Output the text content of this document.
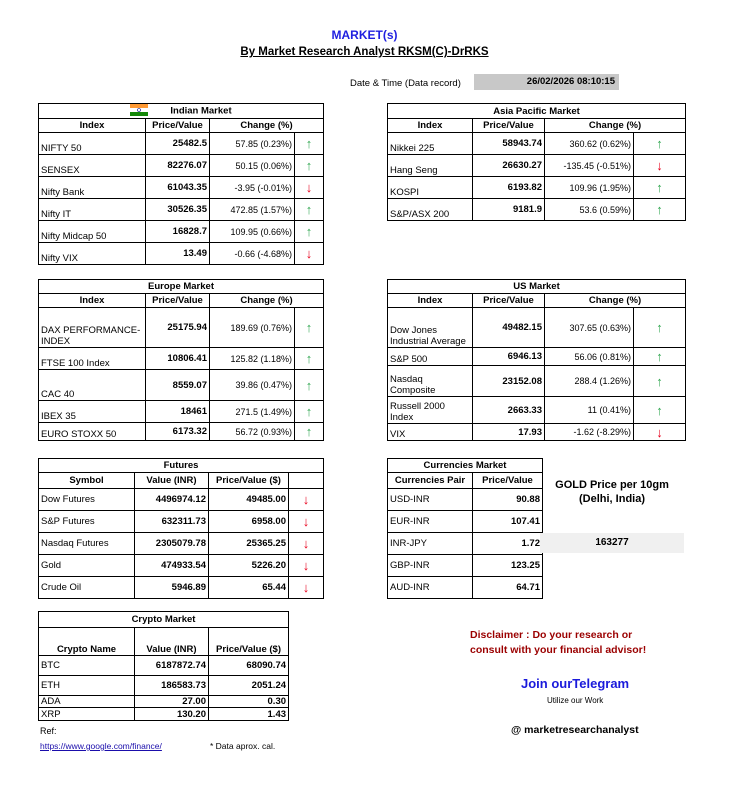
MARKET(s)
By Market Research Analyst RKSM(C)-DrRKS
Date & Time (Data record)	26/02/2026 08:10:15
Indian Market			
Index	Price/Value	Change (%)	
NIFTY 50	25482.5	57.85 (0.23%)	↑
SENSEX	82276.07	50.15 (0.06%)	↑
Nifty Bank	61043.35	-3.95 (-0.01%)	↓
Nifty IT	30526.35	472.85 (1.57%)	↑
Nifty Midcap 50	16828.7	109.95 (0.66%)	↑
Nifty VIX	13.49	-0.66 (-4.68%)	↓
Asia Pacific Market			
Index	Price/Value	Change (%)	
Nikkei 225	58943.74	360.62 (0.62%)	↑
Hang Seng	26630.27	-135.45 (-0.51%)	↓
KOSPI	6193.82	109.96 (1.95%)	↑
S&P/ASX 200	9181.9	53.6 (0.59%)	↑
Europe Market			
Index	Price/Value	Change (%)	
DAX PERFORMANCE-INDEX	25175.94	189.69 (0.76%)	↑
FTSE 100 Index	10806.41	125.82 (1.18%)	↑
CAC 40	8559.07	39.86 (0.47%)	↑
IBEX 35	18461	271.5 (1.49%)	↑
EURO STOXX 50	6173.32	56.72 (0.93%)	↑
US Market			
Index	Price/Value	Change (%)	
Dow Jones Industrial Average	49482.15	307.65 (0.63%)	↑
S&P 500	6946.13	56.06 (0.81%)	↑
Nasdaq Composite	23152.08	288.4 (1.26%)	↑
Russell 2000 Index	2663.33	11 (0.41%)	↑
VIX	17.93	-1.62 (-8.29%)	↓
Futures			
Symbol	Value (INR)	Price/Value ($)	
Dow Futures	4496974.12	49485.00	↓
S&P Futures	632311.73	6958.00	↓
Nasdaq Futures	2305079.78	25365.25	↓
Gold	474933.54	5226.20	↓
Crude Oil	5946.89	65.44	↓
Currencies Market	
Currencies Pair	Price/Value
USD-INR	90.88
EUR-INR	107.41
INR-JPY	1.72
GBP-INR	123.25
AUD-INR	64.71
GOLD Price per 10gm (Delhi, India)
163277
Crypto Market		
Crypto Name	Value (INR)	Price/Value ($)
BTC	6187872.74	68090.74
ETH	186583.73	2051.24
ADA	27.00	0.30
XRP	130.20	1.43
Disclaimer : Do your research or consult with your financial advisor!
Join ourTelegram
Utilize our Work
@ marketresearchanalyst
Ref:
https://www.google.com/finance/	* Data aprox. cal.
